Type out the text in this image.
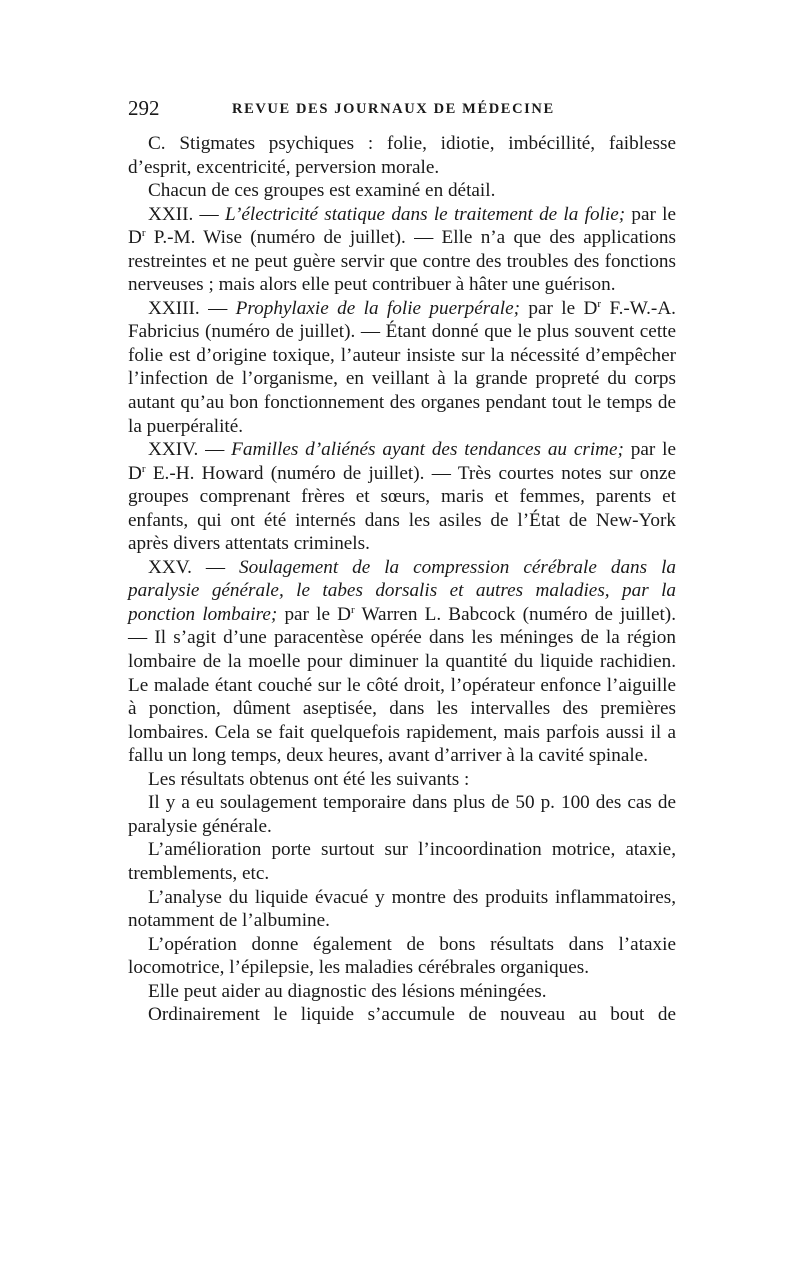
292	REVUE DES JOURNAUX DE MÉDECINE

C. Stigmates psychiques : folie, idiotie, imbécillité, faiblesse d’esprit, excentricité, perversion morale.

Chacun de ces groupes est examiné en détail.

XXII. — L’électricité statique dans le traitement de la folie; par le $D^r$ P.-M. Wise (numéro de juillet). — Elle n’a que des applications restreintes et ne peut guère servir que contre des troubles des fonctions nerveuses ; mais alors elle peut contribuer à hâter une guérison.

XXIII. — Prophylaxie de la folie puerpérale; par le $D^r$ F.-W.-A. Fabricius (numéro de juillet). — Étant donné que le plus souvent cette folie est d’origine toxique, l’auteur insiste sur la nécessité d’empêcher l’infection de l’organisme, en veillant à la grande propreté du corps autant qu’au bon fonctionnement des organes pendant tout le temps de la puerpéralité.

XXIV. — Familles d’aliénés ayant des tendances au crime; par le $D^r$ E.-H. Howard (numéro de juillet). — Très courtes notes sur onze groupes comprenant frères et sœurs, maris et femmes, parents et enfants, qui ont été internés dans les asiles de l’État de New-York après divers attentats criminels.

XXV. — Soulagement de la compression cérébrale dans la paralysie générale, le tabes dorsalis et autres maladies, par la ponction lombaire; par le $D^r$ Warren L. Babcock (numéro de juillet). — Il s’agit d’une paracentèse opérée dans les méninges de la région lombaire de la moelle pour diminuer la quantité du liquide rachidien. Le malade étant couché sur le côté droit, l’opérateur enfonce l’aiguille à ponction, dûment aseptisée, dans les intervalles des premières lombaires. Cela se fait quelquefois rapidement, mais parfois aussi il a fallu un long temps, deux heures, avant d’arriver à la cavité spinale.

Les résultats obtenus ont été les suivants :

Il y a eu soulagement temporaire dans plus de 50 p. 100 des cas de paralysie générale.

L’amélioration porte surtout sur l’incoordination motrice, ataxie, tremblements, etc.

L’analyse du liquide évacué y montre des produits inflammatoires, notamment de l’albumine.

L’opération donne également de bons résultats dans l’ataxie locomotrice, l’épilepsie, les maladies cérébrales organiques.

Elle peut aider au diagnostic des lésions méningées.

Ordinairement le liquide s’accumule de nouveau au bout de
